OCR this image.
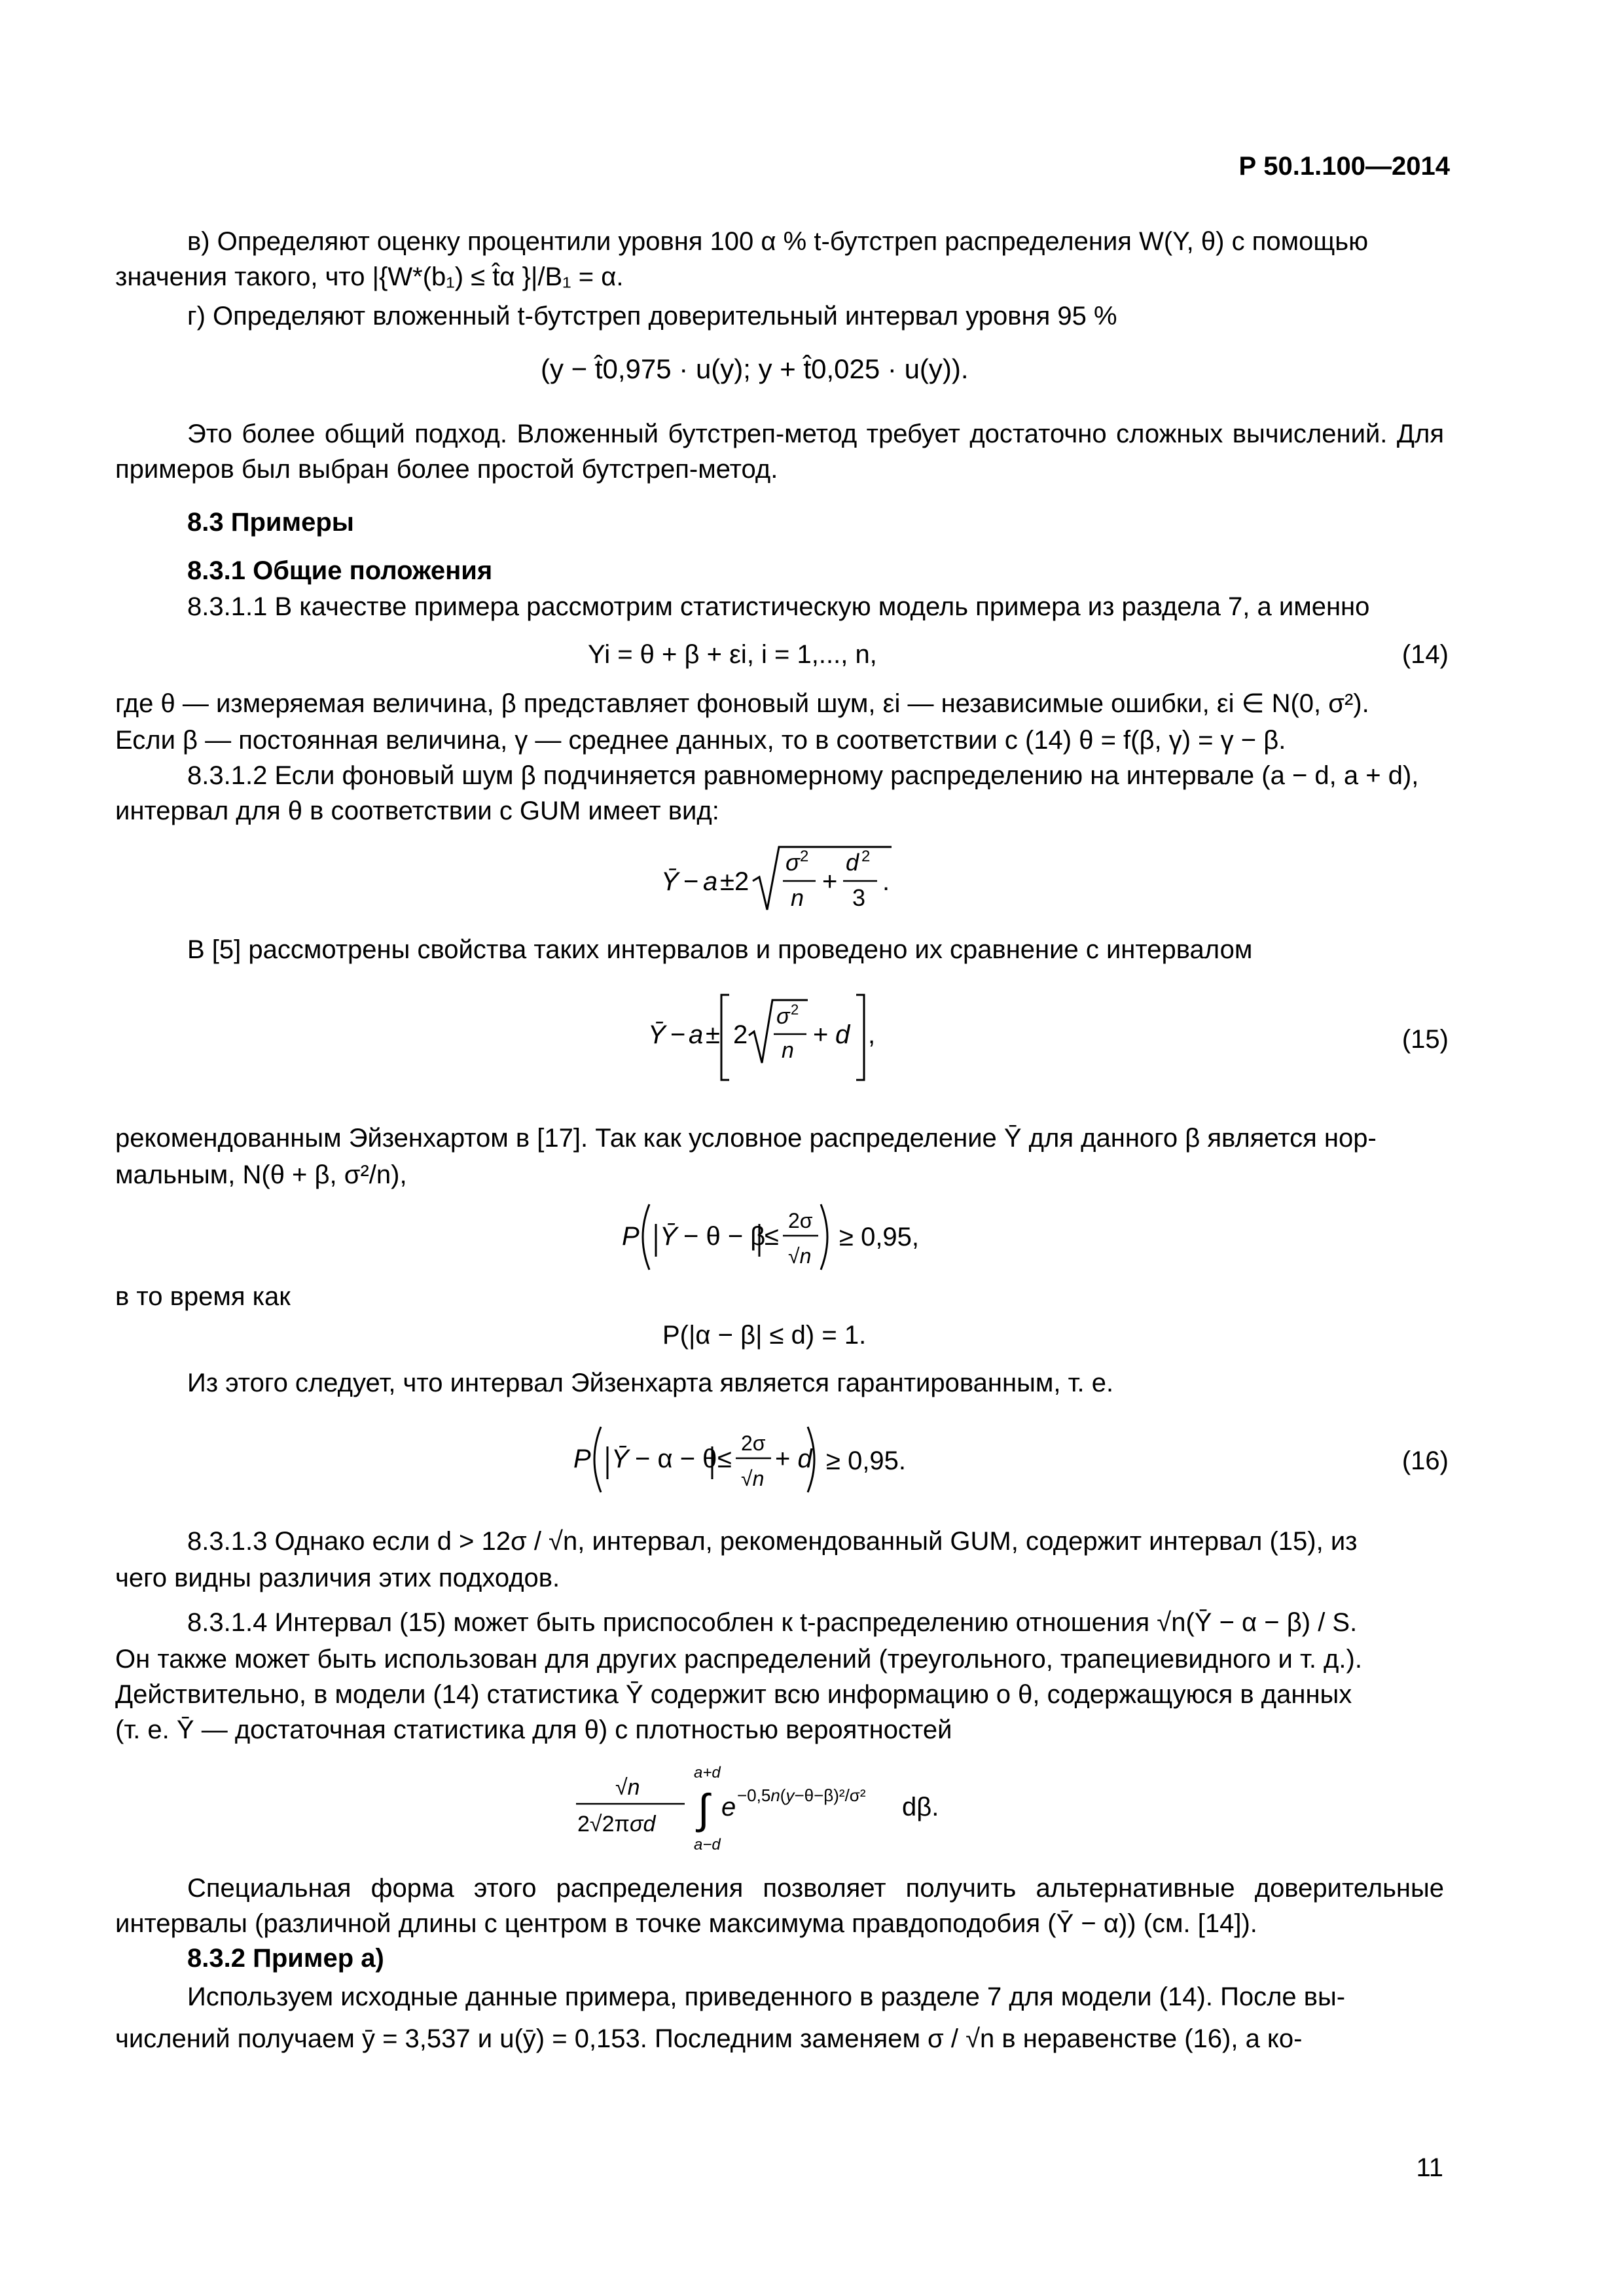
Р 50.1.100—2014
в) Определяют оценку процентили уровня 100 α % t-бутстреп распределения W(Y, θ) с помощью
значения такого, что |{W*(b₁) ≤ t̂α }|/B₁ = α.
г) Определяют вложенный t-бутстреп доверительный интервал уровня 95 %
(y − t̂0,975 · u(y); y + t̂0,025 · u(y)).
Это более общий подход. Вложенный бутстреп-метод требует достаточно сложных вычислений. Для примеров был выбран более простой бутстреп-метод.
8.3 Примеры
8.3.1 Общие положения
8.3.1.1 В качестве примера рассмотрим статистическую модель примера из раздела 7, а именно
Yi = θ + β + εi, i = 1,..., n,	(14)
где θ — измеряемая величина, β представляет фоновый шум, εi — независимые ошибки, εi ∈ N(0, σ²).
Если β — постоянная величина, γ — среднее данных, то в соответствии с (14) θ = f(β, γ) = γ − β.
8.3.1.2 Если фоновый шум β подчиняется равномерному распределению на интервале (a − d, a + d),
интервал для θ в соответствии с GUM имеет вид:
Ȳ − a ±2
σ 2
n
+
d 2
3
.
В [5] рассмотрены свойства таких интервалов и проведено их сравнение с интервалом
Ȳ − a ± 2
σ 2
n
+ d ,	(15)
рекомендованным Эйзенхартом в [17]. Так как условное распределение Ȳ для данного β является нор-
мальным, N(θ + β, σ²/n),
P Ȳ − θ − β
≤
2σ
√n
≥ 0,95,
в то время как
P(|α − β| ≤ d) = 1.
Из этого следует, что интервал Эйзенхарта является гарантированным, т. е.
P Ȳ − α − θ ≤
2σ
√n
+ d ≥ 0,95.	(16)
8.3.1.3 Однако если d > 12σ / √n, интервал, рекомендованный GUM, содержит интервал (15), из
чего видны различия этих подходов.
8.3.1.4 Интервал (15) может быть приспособлен к t-распределению отношения √n(Ȳ − α − β) / S.
Он также может быть использован для других распределений (треугольного, трапециевидного и т. д.).
Действительно, в модели (14) статистика Ȳ содержит всю информацию о θ, содержащуюся в данных
(т. е. Ȳ — достаточная статистика для θ) с плотностью вероятностей
√n
2√2πσd
a+d
∫
a−d
e −0,5n(y−θ−β)²/σ² dβ.
Специальная форма этого распределения позволяет получить альтернативные доверительные интервалы (различной длины с центром в точке максимума правдоподобия (Ȳ − α)) (см. [14]).
8.3.2 Пример а)
Используем исходные данные примера, приведенного в разделе 7 для модели (14). После вы-
числений получаем ȳ = 3,537 и u(ȳ) = 0,153. Последним заменяем σ / √n в неравенстве (16), а ко-
11
